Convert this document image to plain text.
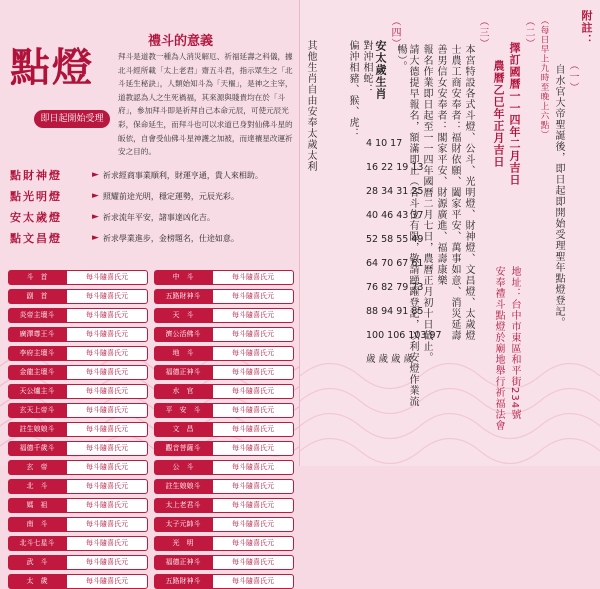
點燈
即日起開始受理
禮斗的意義
拜斗是道教一種為人消災解厄、祈福延壽之科儀，據北斗經所載「太上老君」齋五斗君，指示眾生之「北斗延生秘訣」，人類始知斗為「天樞」，是神之主宰，道教認為人之生死禍福，其來源與賤貴均在於「斗府」，參加拜斗即是祈拜自己本命元辰，可使元辰光彩，保命延生，而拜斗也可以求道已身對仙佛斗星的皈依，自會受仙佛斗星神護之加被，而達禳星改運祈安之目的。
點財神燈	► 祈求經商事業順利，財運亨通，貴人來相助。
點光明燈	► 照耀前途光明，穩定運勢，元辰光彩。
安太歲燈	► 祈求流年平安，諸事達凶化吉。
點文昌燈	► 祈求學業進步，金榜題名，仕途如意。
斗　首	每斗隨喜氏元	中　斗	每斗隨喜氏元
副　首	每斗隨喜氏元	五路財神斗	每斗隨喜氏元
炎帝主壇斗	每斗隨喜氏元	天　斗	每斗隨喜氏元
廣澤尊王斗	每斗隨喜氏元	濟公活佛斗	每斗隨喜氏元
李府主壇斗	每斗隨喜氏元	地　斗	每斗隨喜氏元
金龍主壇斗	每斗隨喜氏元	福德正神斗	每斗隨喜氏元
天公爐主斗	每斗隨喜氏元	水　官	每斗隨喜氏元
玄天上帝斗	每斗隨喜氏元	平　安　斗	每斗隨喜氏元
註生娘娘斗	每斗隨喜氏元	文　昌	每斗隨喜氏元
福德千歲斗	每斗隨喜氏元	觀音菩薩斗	每斗隨喜氏元
玄　帝	每斗隨喜氏元	公　斗	每斗隨喜氏元
北　斗	每斗隨喜氏元	註生娘娘斗	每斗隨喜氏元
媽　祖	每斗隨喜氏元	太上老君斗	每斗隨喜氏元
南　斗	每斗隨喜氏元	太子元帥斗	每斗隨喜氏元
北斗七星斗	每斗隨喜氏元	光　明	每斗隨喜氏元
武　斗	每斗隨喜氏元	福德正神斗	每斗隨喜氏元
太　歲	每斗隨喜氏元	五路財神斗	每斗隨喜氏元
附註：
（一）
自水官大帝聖誕後，即日起即開始受理聖年點燈登記。
（每日早上九時至晚上六點）
（二）
擇訂國曆一一四年二月吉日
農曆乙巳年正月吉日
地址：台中市東區和平街234號
安奉禮斗點燈於廟地舉行祈福法會
（三）
本宮特設各式斗燈、公斗、光明燈、財神燈、文昌燈、太歲燈
士農工商安奉者：福財依願、闔家平安、萬事如意、消災延壽
善男信女安奉者：閣家平安、財源廣進、福壽康樂
報名作業即日起至一一四年國曆二月七日，農曆正月初十日截止。
請大德提早報名，額滿即止（各斗位有限，敬請踴躍登記，以利安燈作業流暢）。
（四）
安太歲生肖
對沖相蛇：
偏沖相豬、猴、虎：
其他生肖自由安奉太歲太利	4 10 17
16 22 19 13
28 34 31 25
40 46 43 37
52 58 55 49
64 70 67 61
76 82 79 73
88 94 91 85
100 106 103 97
歲 歲 歲 歲
